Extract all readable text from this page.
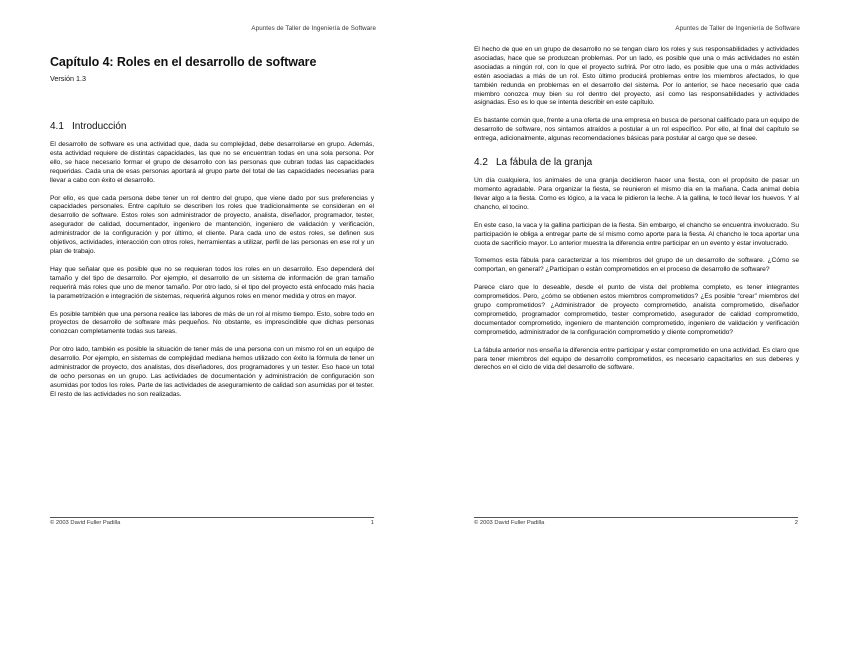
Apuntes de Taller de Ingeniería de Software
Capítulo 4: Roles en el desarrollo de software
Versión 1.3
4.1 Introducción

El desarrollo de software es una actividad que, dada su complejidad, debe desarrollarse en grupo. Además, esta actividad requiere de distintas capacidades, las que no se encuentran todas en una sola persona. Por ello, se hace necesario formar el grupo de desarrollo con las personas que cubran todas las capacidades requeridas. Cada una de esas personas aportará al grupo parte del total de las capacidades necesarias para llevar a cabo con éxito el desarrollo.

Por ello, es que cada persona debe tener un rol dentro del grupo, que viene dado por sus preferencias y capacidades personales. Entre capítulo se describen los roles que tradicionalmente se consideran en el desarrollo de software. Estos roles son administrador de proyecto, analista, diseñador, programador, tester, asegurador de calidad, documentador, ingeniero de mantención, ingeniero de validación y verificación, administrador de la configuración y por último, el cliente. Para cada uno de estos roles, se definen sus objetivos, actividades, interacción con otros roles, herramientas a utilizar, perfil de las personas en ese rol y un plan de trabajo.

Hay que señalar que es posible que no se requieran todos los roles en un desarrollo. Eso dependerá del tamaño y del tipo de desarrollo. Por ejemplo, el desarrollo de un sistema de información de gran tamaño requerirá más roles que uno de menor tamaño. Por otro lado, si el tipo del proyecto está enfocado más hacia la parametrización e integración de sistemas, requerirá algunos roles en menor medida y otros en mayor.

Es posible también que una persona realice las labores de más de un rol al mismo tiempo. Esto, sobre todo en proyectos de desarrollo de software más pequeños. No obstante, es imprescindible que dichas personas conozcan completamente todas sus tareas.

Por otro lado, también es posible la situación de tener más de una persona con un mismo rol en un equipo de desarrollo. Por ejemplo, en sistemas de complejidad mediana hemos utilizado con éxito la fórmula de tener un administrador de proyecto, dos analistas, dos diseñadores, dos programadores y un tester. Eso hace un total de ocho personas en un grupo. Las actividades de documentación y administración de configuración son asumidas por todos los roles. Parte de las actividades de aseguramiento de calidad son asumidas por el tester. El resto de las actividades no son realizadas.

© 2003 David Fuller Padilla	1
Apuntes de Taller de Ingeniería de Software

El hecho de que en un grupo de desarrollo no se tengan claro los roles y sus responsabilidades y actividades asociadas, hace que se produzcan problemas. Por un lado, es posible que una o más actividades no estén asociadas a ningún rol, con lo que el proyecto sufrirá. Por otro lado, es posible que una o más actividades estén asociadas a más de un rol. Esto último producirá problemas entre los miembros afectados, lo que también redunda en problemas en el desarrollo del sistema. Por lo anterior, se hace necesario que cada miembro conozca muy bien su rol dentro del proyecto, así como las responsabilidades y actividades asignadas. Eso es lo que se intenta describir en este capítulo.

Es bastante común que, frente a una oferta de una empresa en busca de personal calificado para un equipo de desarrollo de software, nos sintamos atraídos a postular a un rol específico. Por ello, al final del capítulo se entrega, adicionalmente, algunas recomendaciones básicas para postular al cargo que se desee.

4.2 La fábula de la granja

Un día cualquiera, los animales de una granja decidieron hacer una fiesta, con el propósito de pasar un momento agradable. Para organizar la fiesta, se reunieron el mismo día en la mañana. Cada animal debía llevar algo a la fiesta. Como es lógico, a la vaca le pidieron la leche. A la gallina, le tocó llevar los huevos. Y al chancho, el tocino.

En este caso, la vaca y la gallina participan de la fiesta. Sin embargo, el chancho se encuentra involucrado. Su participación le obliga a entregar parte de sí mismo como aporte para la fiesta. Al chancho le toca aportar una cuota de sacrificio mayor. Lo anterior muestra la diferencia entre participar en un evento y estar involucrado.

Tomemos esta fábula para caracterizar a los miembros del grupo de un desarrollo de software. ¿Cómo se comportan, en general? ¿Participan o están comprometidos en el proceso de desarrollo de software?

Parece claro que lo deseable, desde el punto de vista del problema completo, es tener integrantes comprometidos. Pero, ¿cómo se obtienen estos miembros comprometidos? ¿Es posible “crear” miembros del grupo comprometidos? ¿Administrador de proyecto comprometido, analista comprometido, diseñador comprometido, programador comprometido, tester comprometido, asegurador de calidad comprometido, documentador comprometido, ingeniero de mantención comprometido, ingeniero de validación y verificación comprometido, administrador de la configuración comprometido y cliente comprometido?

La fábula anterior nos enseña la diferencia entre participar y estar comprometido en una actividad. Es claro que para tener miembros del equipo de desarrollo comprometidos, es necesario capacitarlos en sus deberes y derechos en el ciclo de vida del desarrollo de software.

© 2003 David Fuller Padilla	2
